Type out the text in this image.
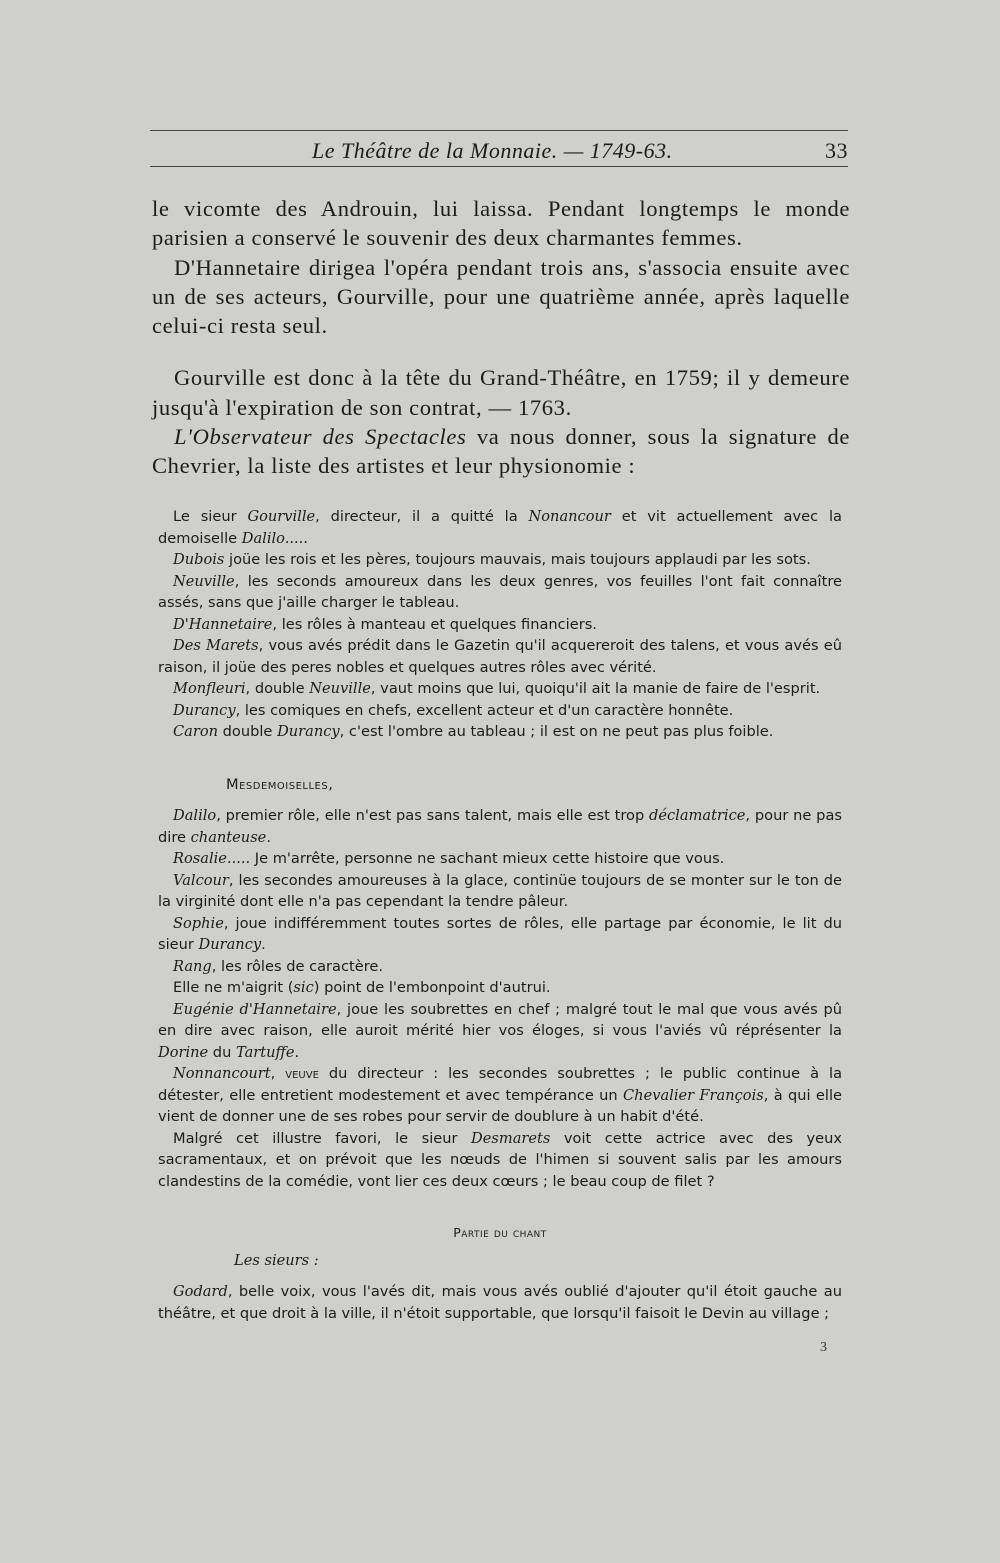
Le Théâtre de la Monnaie. — 1749-63.	33

le vicomte des Androuin, lui laissa. Pendant longtemps le monde parisien a conservé le souvenir des deux charmantes femmes.

D'Hannetaire dirigea l'opéra pendant trois ans, s'associa ensuite avec un de ses acteurs, Gourville, pour une quatrième année, après laquelle celui-ci resta seul.

Gourville est donc à la tête du Grand-Théâtre, en 1759; il y demeure jusqu'à l'expiration de son contrat, — 1763.

L'Observateur des Spectacles va nous donner, sous la signature de Chevrier, la liste des artistes et leur physionomie :

Le sieur Gourville, directeur, il a quitté la Nonancour et vit actuellement avec la demoiselle Dalilo.....

Dubois joüe les rois et les pères, toujours mauvais, mais toujours applaudi par les sots.

Neuville, les seconds amoureux dans les deux genres, vos feuilles l'ont fait connaître assés, sans que j'aille charger le tableau.

D'Hannetaire, les rôles à manteau et quelques financiers.

Des Marets, vous avés prédit dans le Gazetin qu'il acquereroit des talens, et vous avés eû raison, il joüe des peres nobles et quelques autres rôles avec vérité.

Monfleuri, double Neuville, vaut moins que lui, quoiqu'il ait la manie de faire de l'esprit.

Durancy, les comiques en chefs, excellent acteur et d'un caractère honnête.

Caron double Durancy, c'est l'ombre au tableau ; il est on ne peut pas plus foible.

Mesdemoiselles,

Dalilo, premier rôle, elle n'est pas sans talent, mais elle est trop déclamatrice, pour ne pas dire chanteuse.

Rosalie..... Je m'arrête, personne ne sachant mieux cette histoire que vous.

Valcour, les secondes amoureuses à la glace, continüe toujours de se monter sur le ton de la virginité dont elle n'a pas cependant la tendre pâleur.

Sophie, joue indifféremment toutes sortes de rôles, elle partage par économie, le lit du sieur Durancy.

Rang, les rôles de caractère.

Elle ne m'aigrit (sic) point de l'embonpoint d'autrui.

Eugénie d'Hannetaire, joue les soubrettes en chef ; malgré tout le mal que vous avés pû en dire avec raison, elle auroit mérité hier vos éloges, si vous l'aviés vû réprésenter la Dorine du Tartuffe.

Nonnancourt, veuve du directeur : les secondes soubrettes ; le public continue à la détester, elle entretient modestement et avec tempérance un Chevalier François, à qui elle vient de donner une de ses robes pour servir de doublure à un habit d'été.

Malgré cet illustre favori, le sieur Desmarets voit cette actrice avec des yeux sacramentaux, et on prévoit que les nœuds de l'himen si souvent salis par les amours clandestins de la comédie, vont lier ces deux cœurs ; le beau coup de filet ?

Partie du chant

Les sieurs :

Godard, belle voix, vous l'avés dit, mais vous avés oublié d'ajouter qu'il étoit gauche au théâtre, et que droit à la ville, il n'étoit supportable, que lorsqu'il faisoit le Devin au village ;

3
